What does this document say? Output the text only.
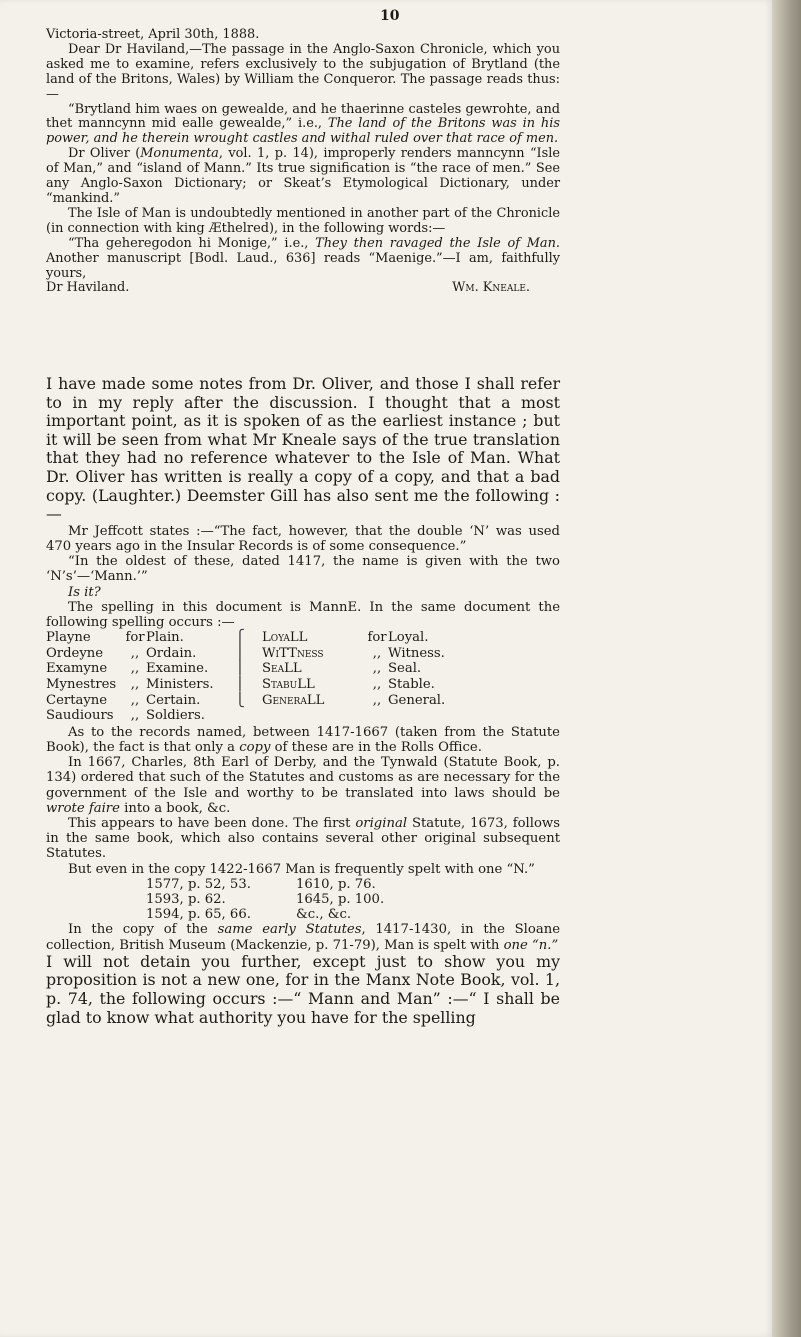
10

Victoria-street, April 30th, 1888.

Dear Dr Haviland,—The passage in the Anglo-Saxon Chronicle, which you asked me to examine, refers exclusively to the subjugation of Brytland (the land of the Britons, Wales) by William the Conqueror. The passage reads thus:—

“Brytland him waes on gewealde, and he thaerinne casteles gewrohte, and thet manncynn mid ealle gewealde,” i.e., The land of the Britons was in his power, and he therein wrought castles and withal ruled over that race of men.

Dr Oliver (Monumenta, vol. 1, p. 14), improperly renders manncynn “Isle of Man,” and “island of Mann.” Its true signification is “the race of men.” See any Anglo-Saxon Dictionary; or Skeat’s Etymological Dictionary, under “mankind.”

The Isle of Man is undoubtedly mentioned in another part of the Chronicle (in connection with king Æthelred), in the following words:—

“Tha geheregodon hi Monige,” i.e., They then ravaged the Isle of Man. Another manuscript [Bodl. Laud., 636] reads “Maenige.”—I am, faithfully yours,

Dr Haviland.	Wm. Kneale.

I have made some notes from Dr. Oliver, and those I shall refer to in my reply after the discussion. I thought that a most important point, as it is spoken of as the earliest instance ; but it will be seen from what Mr Kneale says of the true translation that they had no reference whatever to the Isle of Man. What Dr. Oliver has written is really a copy of a copy, and that a bad copy. (Laughter.) Deemster Gill has also sent me the following :—

Mr Jeffcott states :—“The fact, however, that the double ‘N’ was used 470 years ago in the Insular Records is of some consequence.”

“In the oldest of these, dated 1417, the name is given with the two ‘N’s’—‘Mann.’”

Is it?

The spelling in this document is MannE. In the same document the following spelling occurs :—

Playne	for Plain.	⎧	LoyaLL	for Loyal.
Ordeyne	,, Ordain.	⎪	WiTTness	,, Witness.
Examyne	,, Examine.	⎪	SeaLL	,, Seal.
Mynestres	,, Ministers.	⎪	StabuLL	,, Stable.
Certayne	,, Certain.	⎩	GeneraLL	,, General.
Saudiours	,, Soldiers.

As to the records named, between 1417-1667 (taken from the Statute Book), the fact is that only a copy of these are in the Rolls Office.

In 1667, Charles, 8th Earl of Derby, and the Tynwald (Statute Book, p. 134) ordered that such of the Statutes and customs as are necessary for the government of the Isle and worthy to be translated into laws should be wrote faire into a book, &c.

This appears to have been done. The first original Statute, 1673, follows in the same book, which also contains several other original subsequent Statutes.

But even in the copy 1422-1667 Man is frequently spelt with one “N.”

1577, p. 52, 53.	1610, p. 76.
1593, p. 62.	1645, p. 100.
1594, p. 65, 66.	&c., &c.

In the copy of the same early Statutes, 1417-1430, in the Sloane collection, British Museum (Mackenzie, p. 71-79), Man is spelt with one “n.”

I will not detain you further, except just to show you my proposition is not a new one, for in the Manx Note Book, vol. 1, p. 74, the following occurs :—“ Mann and Man” :—“ I shall be glad to know what authority you have for the spelling
